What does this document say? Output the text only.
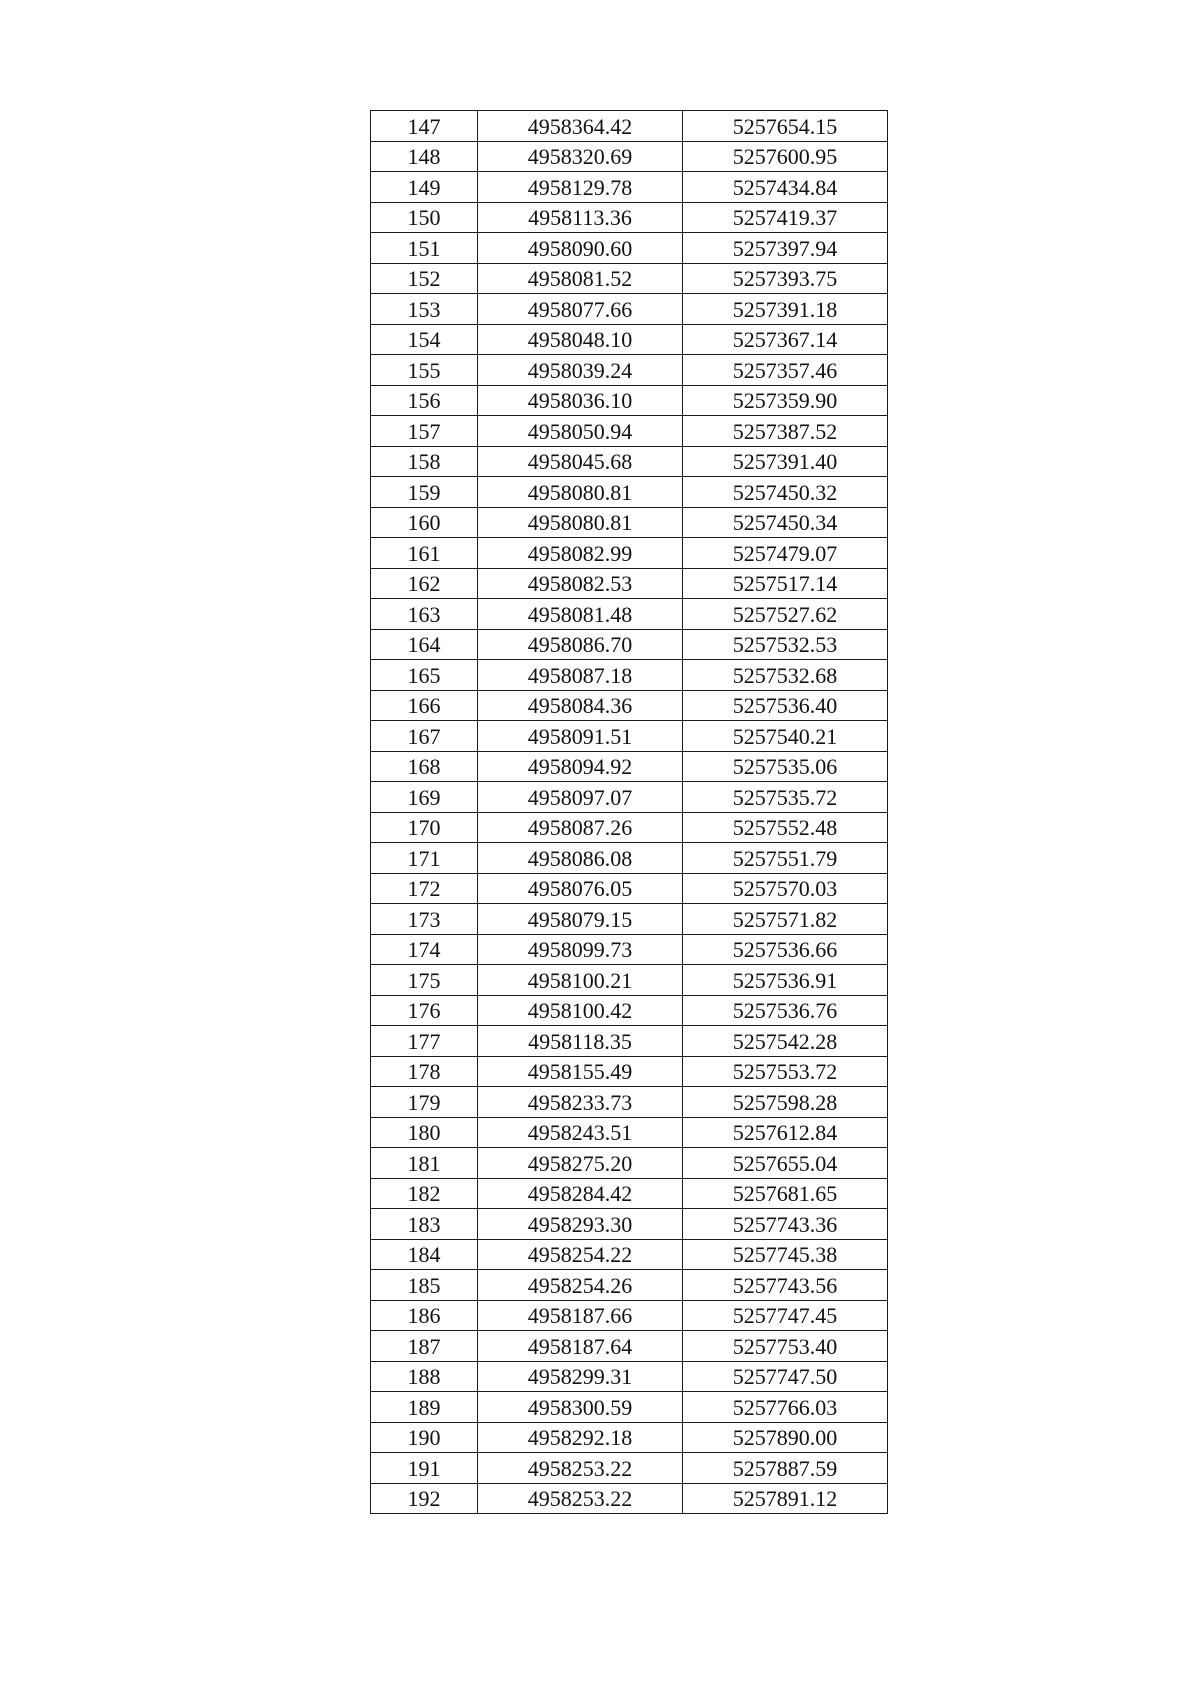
147	4958364.42	5257654.15
148	4958320.69	5257600.95
149	4958129.78	5257434.84
150	4958113.36	5257419.37
151	4958090.60	5257397.94
152	4958081.52	5257393.75
153	4958077.66	5257391.18
154	4958048.10	5257367.14
155	4958039.24	5257357.46
156	4958036.10	5257359.90
157	4958050.94	5257387.52
158	4958045.68	5257391.40
159	4958080.81	5257450.32
160	4958080.81	5257450.34
161	4958082.99	5257479.07
162	4958082.53	5257517.14
163	4958081.48	5257527.62
164	4958086.70	5257532.53
165	4958087.18	5257532.68
166	4958084.36	5257536.40
167	4958091.51	5257540.21
168	4958094.92	5257535.06
169	4958097.07	5257535.72
170	4958087.26	5257552.48
171	4958086.08	5257551.79
172	4958076.05	5257570.03
173	4958079.15	5257571.82
174	4958099.73	5257536.66
175	4958100.21	5257536.91
176	4958100.42	5257536.76
177	4958118.35	5257542.28
178	4958155.49	5257553.72
179	4958233.73	5257598.28
180	4958243.51	5257612.84
181	4958275.20	5257655.04
182	4958284.42	5257681.65
183	4958293.30	5257743.36
184	4958254.22	5257745.38
185	4958254.26	5257743.56
186	4958187.66	5257747.45
187	4958187.64	5257753.40
188	4958299.31	5257747.50
189	4958300.59	5257766.03
190	4958292.18	5257890.00
191	4958253.22	5257887.59
192	4958253.22	5257891.12
